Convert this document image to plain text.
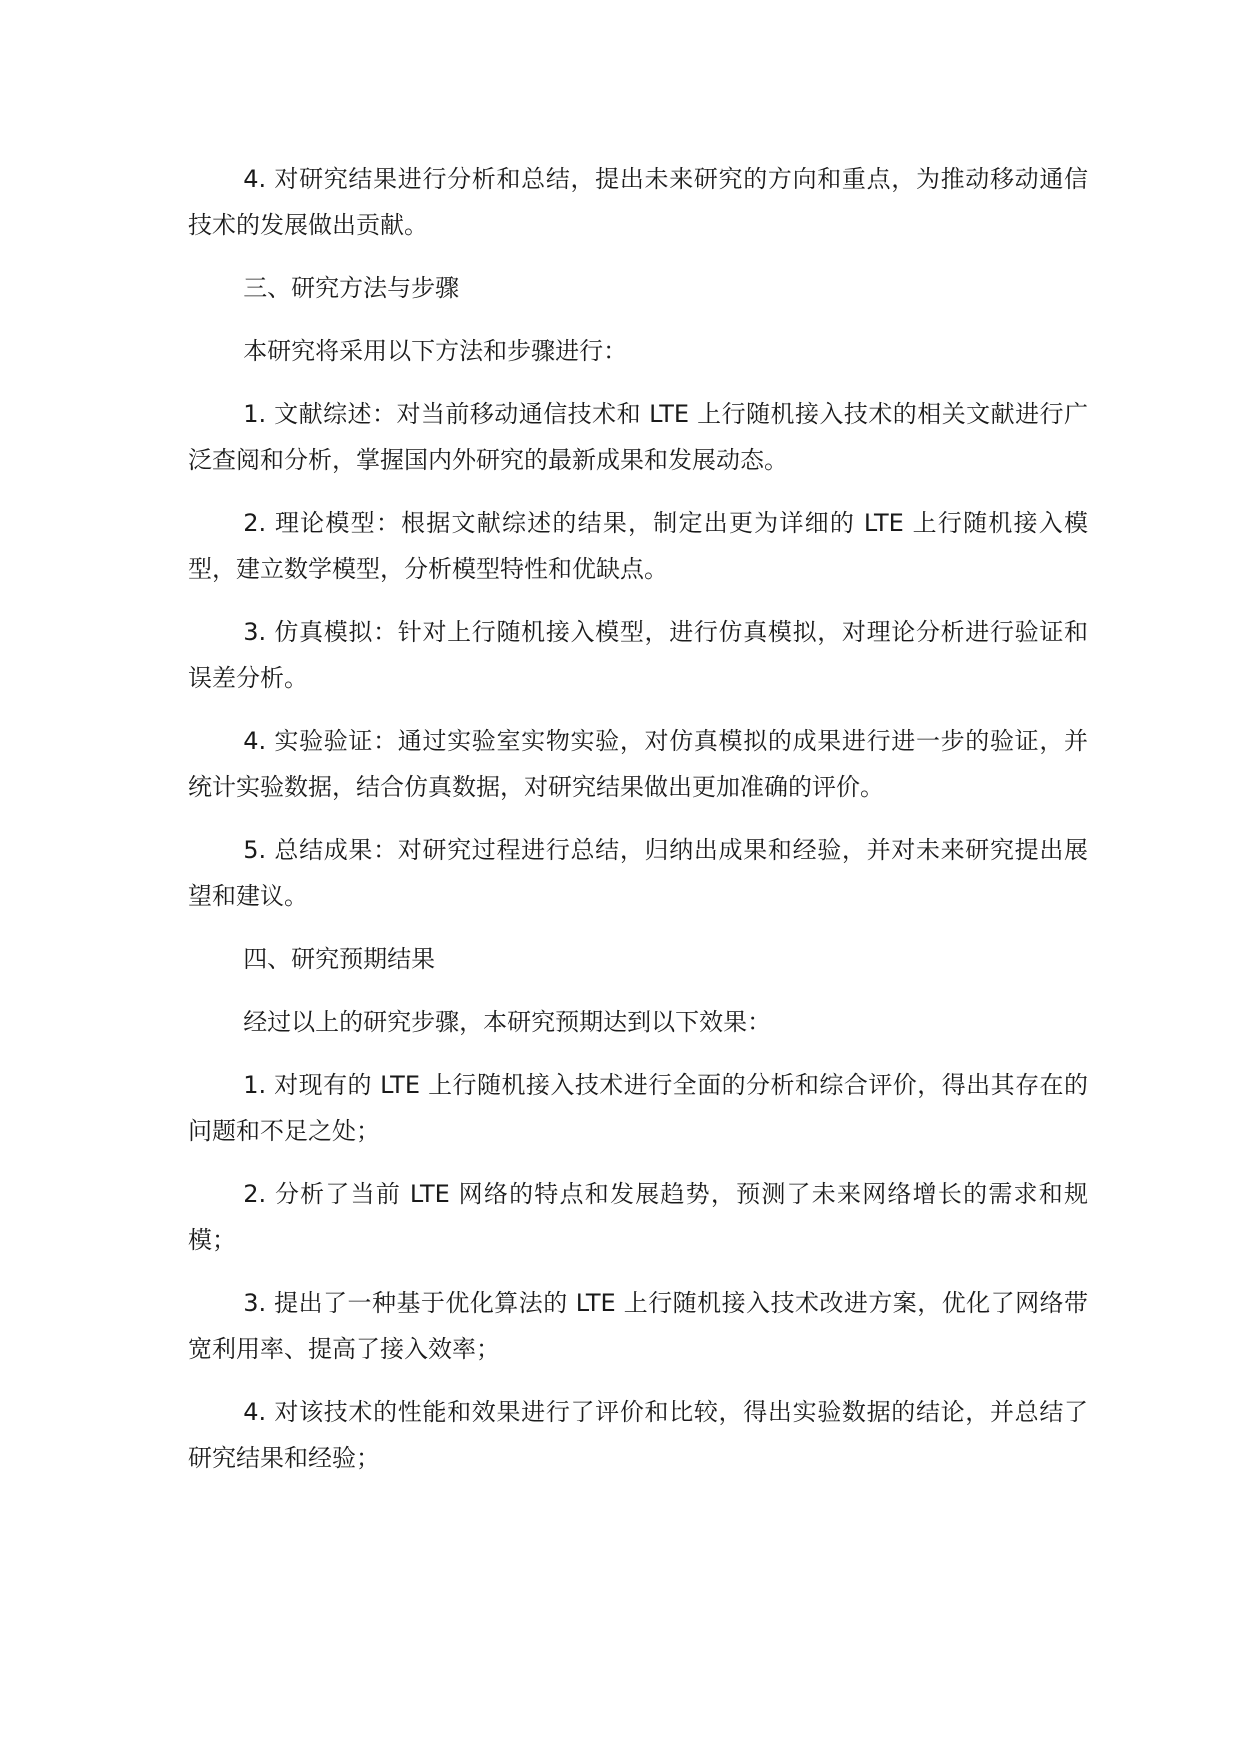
4. 对研究结果进行分析和总结，提出未来研究的方向和重点，为推动移动通信技术的发展做出贡献。

三、研究方法与步骤

本研究将采用以下方法和步骤进行：

1. 文献综述：对当前移动通信技术和 LTE 上行随机接入技术的相关文献进行广泛查阅和分析，掌握国内外研究的最新成果和发展动态。

2. 理论模型：根据文献综述的结果，制定出更为详细的 LTE 上行随机接入模型，建立数学模型，分析模型特性和优缺点。

3. 仿真模拟：针对上行随机接入模型，进行仿真模拟，对理论分析进行验证和误差分析。

4. 实验验证：通过实验室实物实验，对仿真模拟的成果进行进一步的验证，并统计实验数据，结合仿真数据，对研究结果做出更加准确的评价。

5. 总结成果：对研究过程进行总结，归纳出成果和经验，并对未来研究提出展望和建议。

四、研究预期结果

经过以上的研究步骤，本研究预期达到以下效果：

1. 对现有的 LTE 上行随机接入技术进行全面的分析和综合评价，得出其存在的问题和不足之处；

2. 分析了当前 LTE 网络的特点和发展趋势，预测了未来网络增长的需求和规模；

3. 提出了一种基于优化算法的 LTE 上行随机接入技术改进方案，优化了网络带宽利用率、提高了接入效率；

4. 对该技术的性能和效果进行了评价和比较，得出实验数据的结论，并总结了研究结果和经验；
